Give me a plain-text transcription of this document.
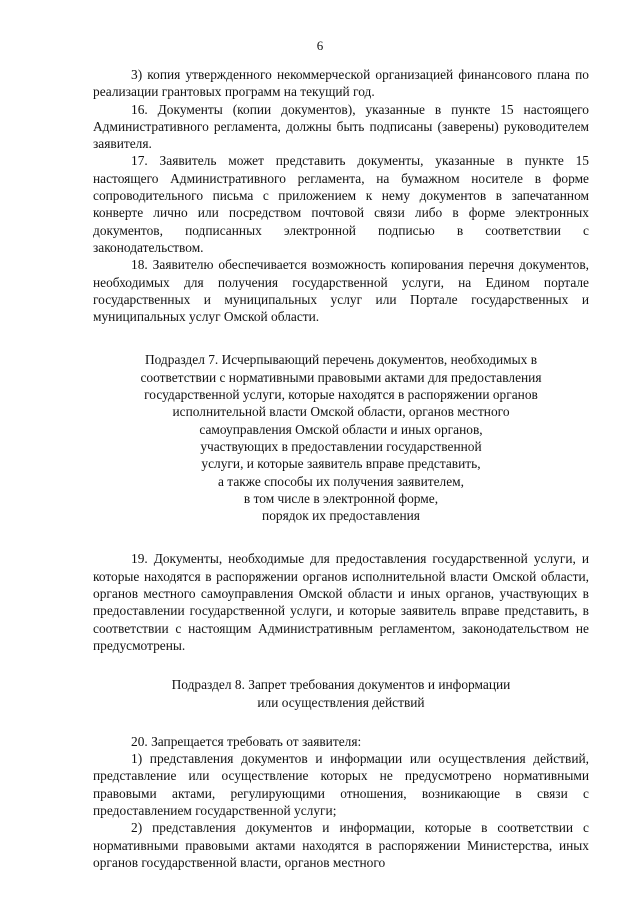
6

3) копия утвержденного некоммерческой организацией финансового плана по реализации грантовых программ на текущий год.

16. Документы (копии документов), указанные в пункте 15 настоящего Административного регламента, должны быть подписаны (заверены) руководителем заявителя.

17. Заявитель может представить документы, указанные в пункте 15 настоящего Административного регламента, на бумажном носителе в форме сопроводительного письма с приложением к нему документов в запечатанном конверте лично или посредством почтовой связи либо в форме электронных документов, подписанных электронной подписью в соответствии с законодательством.

18. Заявителю обеспечивается возможность копирования перечня документов, необходимых для получения государственной услуги, на Едином портале государственных и муниципальных услуг или Портале государственных и муниципальных услуг Омской области.

Подраздел 7. Исчерпывающий перечень документов, необходимых в
соответствии с нормативными правовыми актами для предоставления
государственной услуги, которые находятся в распоряжении органов
исполнительной власти Омской области, органов местного
самоуправления Омской области и иных органов,
участвующих в предоставлении государственной
услуги, и которые заявитель вправе представить,
а также способы их получения заявителем,
в том числе в электронной форме,
порядок их предоставления

19. Документы, необходимые для предоставления государственной услуги, и которые находятся в распоряжении органов исполнительной власти Омской области, органов местного самоуправления Омской области и иных органов, участвующих в предоставлении государственной услуги, и которые заявитель вправе представить, в соответствии с настоящим Административным регламентом, законодательством не предусмотрены.

Подраздел 8. Запрет требования документов и информации
или осуществления действий

20. Запрещается требовать от заявителя:

1) представления документов и информации или осуществления действий, представление или осуществление которых не предусмотрено нормативными правовыми актами, регулирующими отношения, возникающие в связи с предоставлением государственной услуги;

2) представления документов и информации, которые в соответствии с нормативными правовыми актами находятся в распоряжении Министерства, иных органов государственной власти, органов местного
